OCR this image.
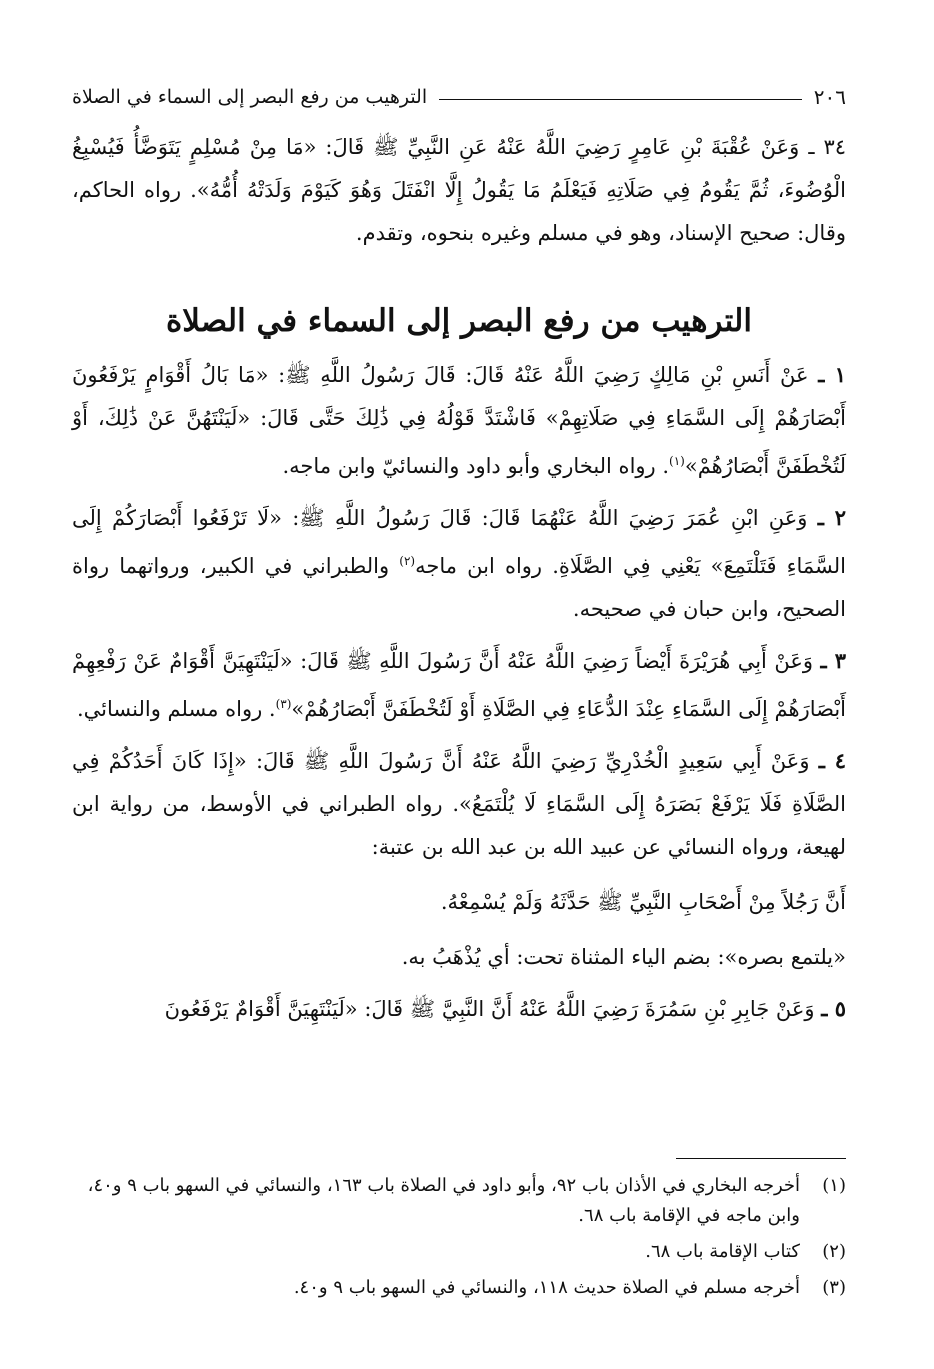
٢٠٦
الترهيب من رفع البصر إلى السماء في الصلاة

٣٤ ـ وَعَنْ عُقْبَةَ بْنِ عَامِرٍ رَضِيَ اللَّهُ عَنْهُ عَنِ النَّبِيِّ ﷺ قَالَ: «مَا مِنْ مُسْلِمٍ يَتَوَضَّأُ فَيُسْبِغُ الْوُضُوءَ، ثُمَّ يَقُومُ فِي صَلَاتِهِ فَيَعْلَمُ مَا يَقُولُ إِلَّا انْفَتَلَ وَهُوَ كَيَوْمَ وَلَدَتْهُ أُمُّهُ». رواه الحاكم، وقال: صحيح الإسناد، وهو في مسلم وغيره بنحوه، وتقدم.

الترهيب من رفع البصر إلى السماء في الصلاة

١ ـ عَنْ أَنَسِ بْنِ مَالِكٍ رَضِيَ اللَّهُ عَنْهُ قَالَ: قَالَ رَسُولُ اللَّهِ ﷺ: «مَا بَالُ أَقْوَامٍ يَرْفَعُونَ أَبْصَارَهُمْ إِلَى السَّمَاءِ فِي صَلَاتِهِمْ» فَاشْتَدَّ قَوْلُهُ فِي ذَٰلِكَ حَتَّى قَالَ: «لَيَنْتَهُنَّ عَنْ ذَٰلِكَ، أَوْ لَتُخْطَفَنَّ أَبْصَارُهُمْ»$^{(١)}$. رواه البخاري وأبو داود والنسائيّ وابن ماجه.

٢ ـ وَعَنِ ابْنِ عُمَرَ رَضِيَ اللَّهُ عَنْهُمَا قَالَ: قَالَ رَسُولُ اللَّهِ ﷺ: «لَا تَرْفَعُوا أَبْصَارَكُمْ إِلَى السَّمَاءِ فَتَلْتَمِعَ» يَعْنِي فِي الصَّلَاةِ. رواه ابن ماجه$^{(٢)}$ والطبراني في الكبير، ورواتهما رواة الصحيح، وابن حبان في صحيحه.

٣ ـ وَعَنْ أَبِي هُرَيْرَةَ أَيْضاً رَضِيَ اللَّهُ عَنْهُ أَنَّ رَسُولَ اللَّهِ ﷺ قَالَ: «لَيَنْتَهِيَنَّ أَقْوَامٌ عَنْ رَفْعِهِمْ أَبْصَارَهُمْ إِلَى السَّمَاءِ عِنْدَ الدُّعَاءِ فِي الصَّلَاةِ أَوْ لَتُخْطَفَنَّ أَبْصَارُهُمْ»$^{(٣)}$. رواه مسلم والنسائي.

٤ ـ وَعَنْ أَبِي سَعِيدٍ الْخُدْرِيِّ رَضِيَ اللَّهُ عَنْهُ أَنَّ رَسُولَ اللَّهِ ﷺ قَالَ: «إِذَا كَانَ أَحَدُكُمْ فِي الصَّلَاةِ فَلَا يَرْفَعْ بَصَرَهُ إِلَى السَّمَاءِ لَا يُلْتَمَعُ». رواه الطبراني في الأوسط، من رواية ابن لهيعة، ورواه النسائي عن عبيد الله بن عبد الله بن عتبة:

أَنَّ رَجُلاً مِنْ أَصْحَابِ النَّبِيِّ ﷺ حَدَّثَهُ وَلَمْ يُسْمِعْهُ.

«يلتمع بصره»: بضم الياء المثناة تحت: أي يُذْهَبُ به.

٥ ـ وَعَنْ جَابِرِ بْنِ سَمُرَةَ رَضِيَ اللَّهُ عَنْهُ أَنَّ النَّبِيَّ ﷺ قَالَ: «لَيَنْتَهِيَنَّ أَقْوَامٌ يَرْفَعُونَ

(١)
أخرجه البخاري في الأذان باب ٩٢، وأبو داود في الصلاة باب ١٦٣، والنسائي في السهو باب ٩ و٤٠، وابن ماجه في الإقامة باب ٦٨.
(٢)
كتاب الإقامة باب ٦٨.
(٣)
أخرجه مسلم في الصلاة حديث ١١٨، والنسائي في السهو باب ٩ و٤٠.
